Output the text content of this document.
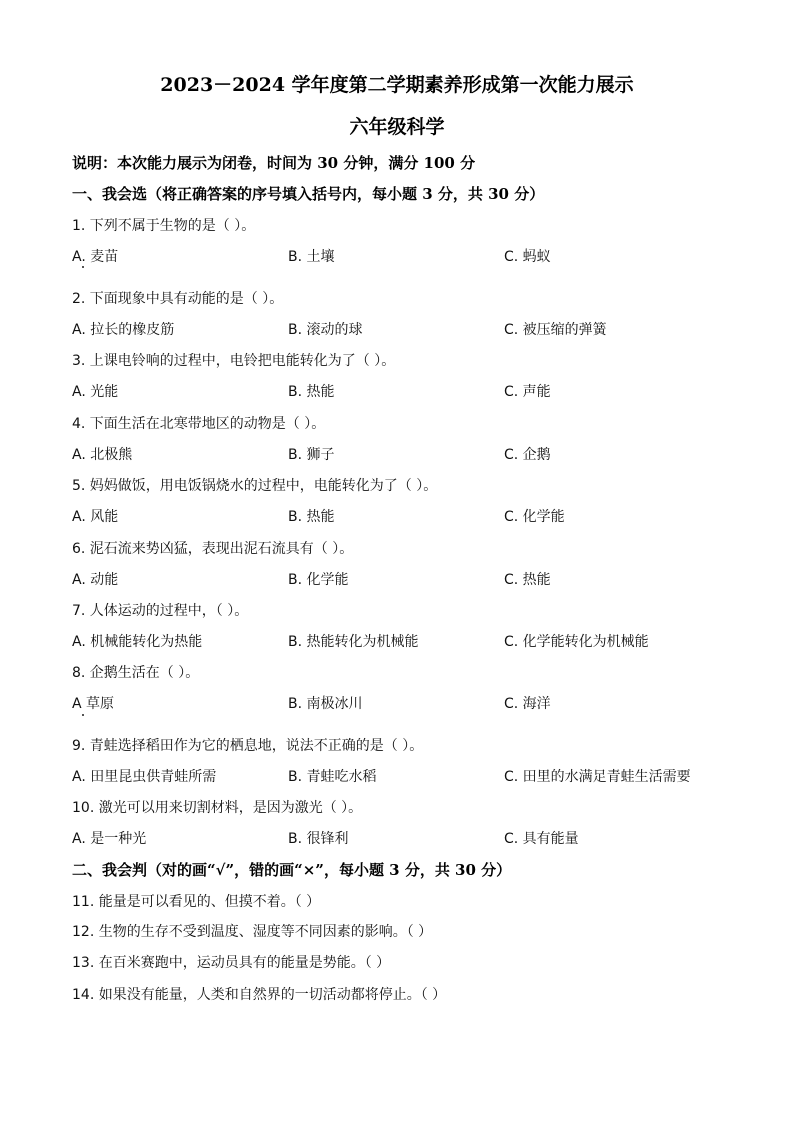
2023－2024 学年度第二学期素养形成第一次能力展示
六年级科学
说明：本次能力展示为闭卷，时间为 30 分钟，满分 100 分
一、我会选（将正确答案的序号填入括号内，每小题 3 分，共 30 分）
1. 下列不属于生物的是（ ）。
A. 麦苗	B. 土壤	C. 蚂蚁
2. 下面现象中具有动能的是（ ）。
A. 拉长的橡皮筋	B. 滚动的球	C. 被压缩的弹簧
3. 上课电铃响的过程中，电铃把电能转化为了（ ）。
A. 光能	B. 热能	C. 声能
4. 下面生活在北寒带地区的动物是（ ）。
A. 北极熊	B. 狮子	C. 企鹅
5. 妈妈做饭，用电饭锅烧水的过程中，电能转化为了（ ）。
A. 风能	B. 热能	C. 化学能
6. 泥石流来势凶猛，表现出泥石流具有（ ）。
A. 动能	B. 化学能	C. 热能
7. 人体运动的过程中，（ ）。
A. 机械能转化为热能	B. 热能转化为机械能	C. 化学能转化为机械能
8. 企鹅生活在（ ）。
A 草原	B. 南极冰川	C. 海洋
9. 青蛙选择稻田作为它的栖息地，说法不正确的是（ ）。
A. 田里昆虫供青蛙所需	B. 青蛙吃水稻	C. 田里的水满足青蛙生活需要
10. 激光可以用来切割材料，是因为激光（ ）。
A. 是一种光	B. 很锋利	C. 具有能量
二、我会判（对的画“√”，错的画“×”，每小题 3 分，共 30 分）
11. 能量是可以看见的、但摸不着。（ ）
12. 生物的生存不受到温度、湿度等不同因素的影响。（ ）
13. 在百米赛跑中，运动员具有的能量是势能。（ ）
14. 如果没有能量，人类和自然界的一切活动都将停止。（ ）
